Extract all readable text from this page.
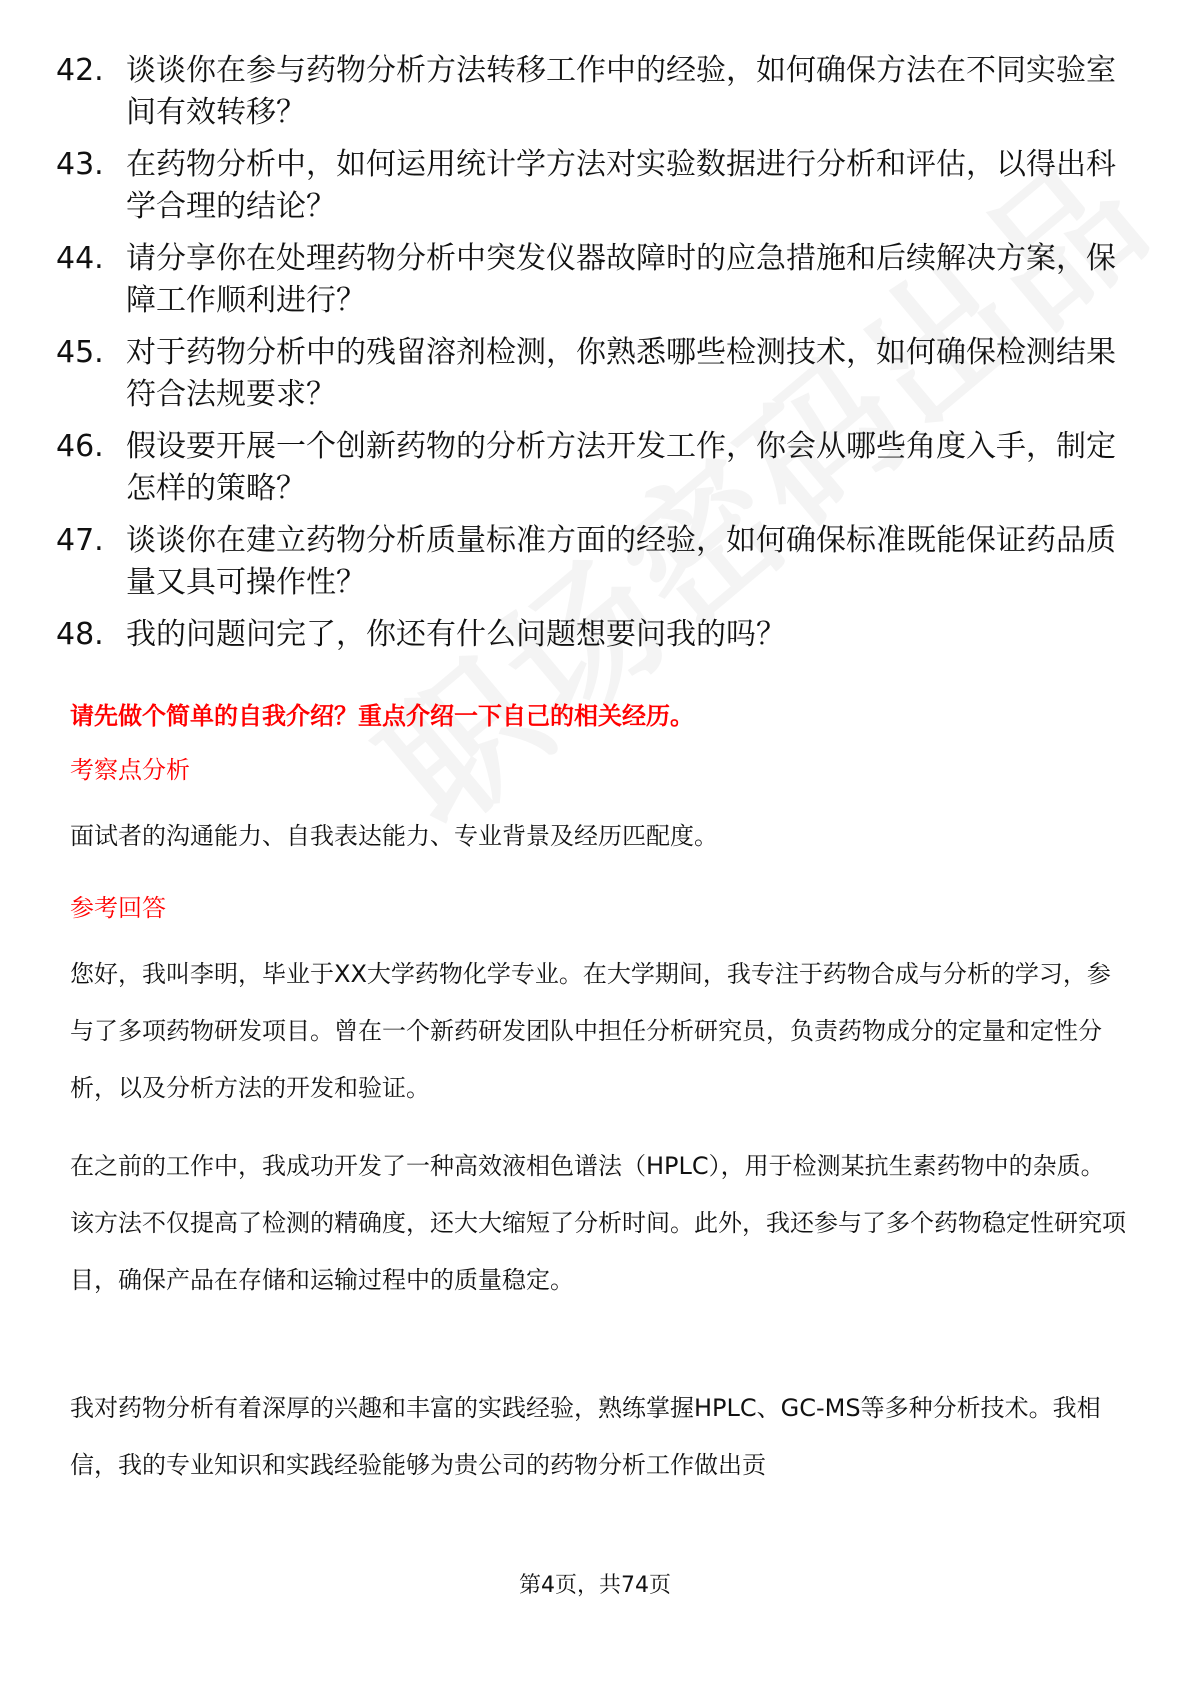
42. 谈谈你在参与药物分析方法转移工作中的经验，如何确保方法在不同实验室间有效转移？
43. 在药物分析中，如何运用统计学方法对实验数据进行分析和评估，以得出科学合理的结论？
44. 请分享你在处理药物分析中突发仪器故障时的应急措施和后续解决方案，保障工作顺利进行？
45. 对于药物分析中的残留溶剂检测，你熟悉哪些检测技术，如何确保检测结果符合法规要求？
46. 假设要开展一个创新药物的分析方法开发工作，你会从哪些角度入手，制定怎样的策略？
47. 谈谈你在建立药物分析质量标准方面的经验，如何确保标准既能保证药品质量又具可操作性？
48. 我的问题问完了，你还有什么问题想要问我的吗？
请先做个简单的自我介绍？重点介绍一下自己的相关经历。
考察点分析
面试者的沟通能力、自我表达能力、专业背景及经历匹配度。
参考回答
您好，我叫李明，毕业于XX大学药物化学专业。在大学期间，我专注于药物合成与分析的学习，参与了多项药物研发项目。曾在一个新药研发团队中担任分析研究员，负责药物成分的定量和定性分析，以及分析方法的开发和验证。
在之前的工作中，我成功开发了一种高效液相色谱法（HPLC），用于检测某抗生素药物中的杂质。该方法不仅提高了检测的精确度，还大大缩短了分析时间。此外，我还参与了多个药物稳定性研究项目，确保产品在存储和运输过程中的质量稳定。
我对药物分析有着深厚的兴趣和丰富的实践经验，熟练掌握HPLC、GC-MS等多种分析技术。我相信，我的专业知识和实践经验能够为贵公司的药物分析工作做出贡
第4页，共74页
